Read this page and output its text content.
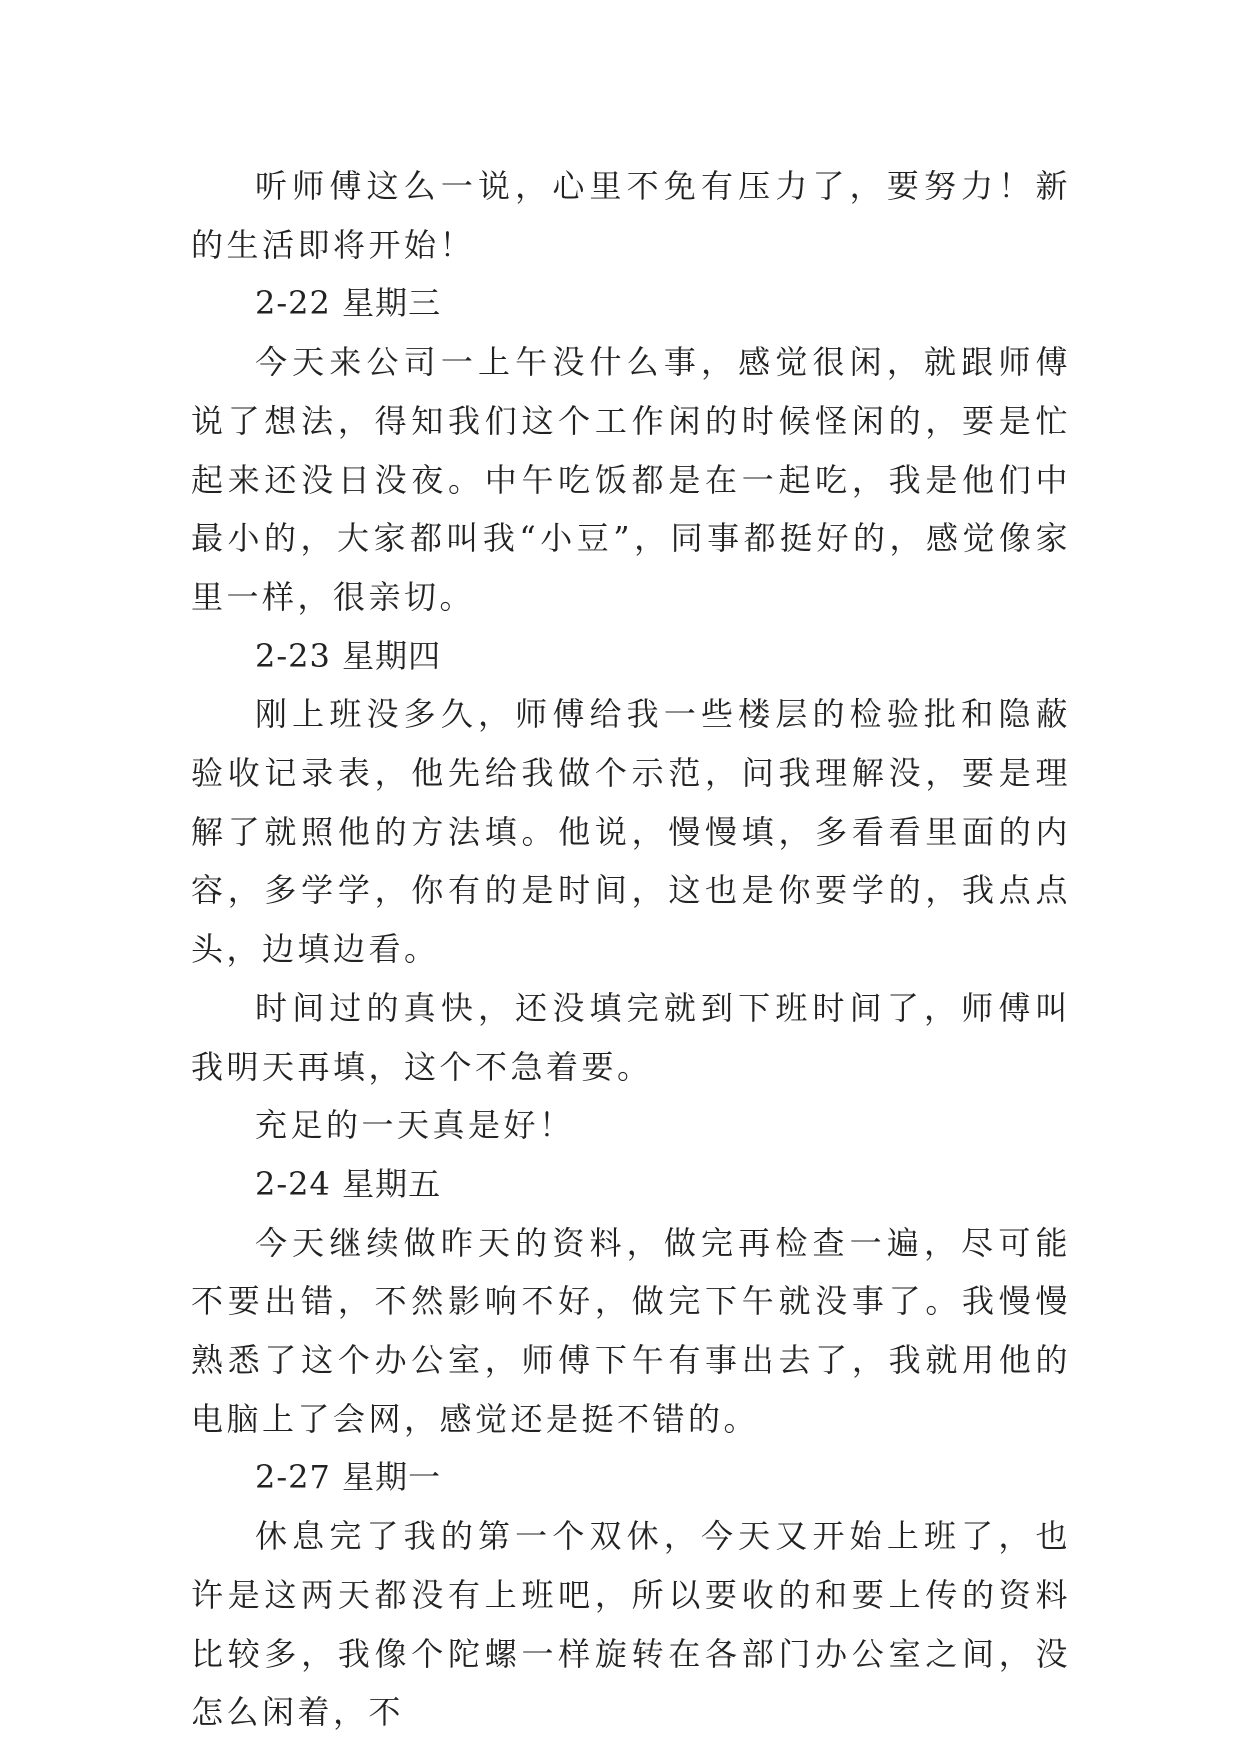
听师傅这么一说，心里不免有压力了，要努力！新的生活即将开始！

2-22 星期三

今天来公司一上午没什么事，感觉很闲，就跟师傅说了想法，得知我们这个工作闲的时候怪闲的，要是忙起来还没日没夜。中午吃饭都是在一起吃，我是他们中最小的，大家都叫我“小豆”，同事都挺好的，感觉像家里一样，很亲切。

2-23 星期四

刚上班没多久，师傅给我一些楼层的检验批和隐蔽验收记录表，他先给我做个示范，问我理解没，要是理解了就照他的方法填。他说，慢慢填，多看看里面的内容，多学学，你有的是时间，这也是你要学的，我点点头，边填边看。

时间过的真快，还没填完就到下班时间了，师傅叫我明天再填，这个不急着要。

充足的一天真是好！

2-24 星期五

今天继续做昨天的资料，做完再检查一遍，尽可能不要出错，不然影响不好，做完下午就没事了。我慢慢熟悉了这个办公室，师傅下午有事出去了，我就用他的电脑上了会网，感觉还是挺不错的。

2-27 星期一

休息完了我的第一个双休，今天又开始上班了，也许是这两天都没有上班吧，所以要收的和要上传的资料比较多，我像个陀螺一样旋转在各部门办公室之间，没怎么闲着，不
